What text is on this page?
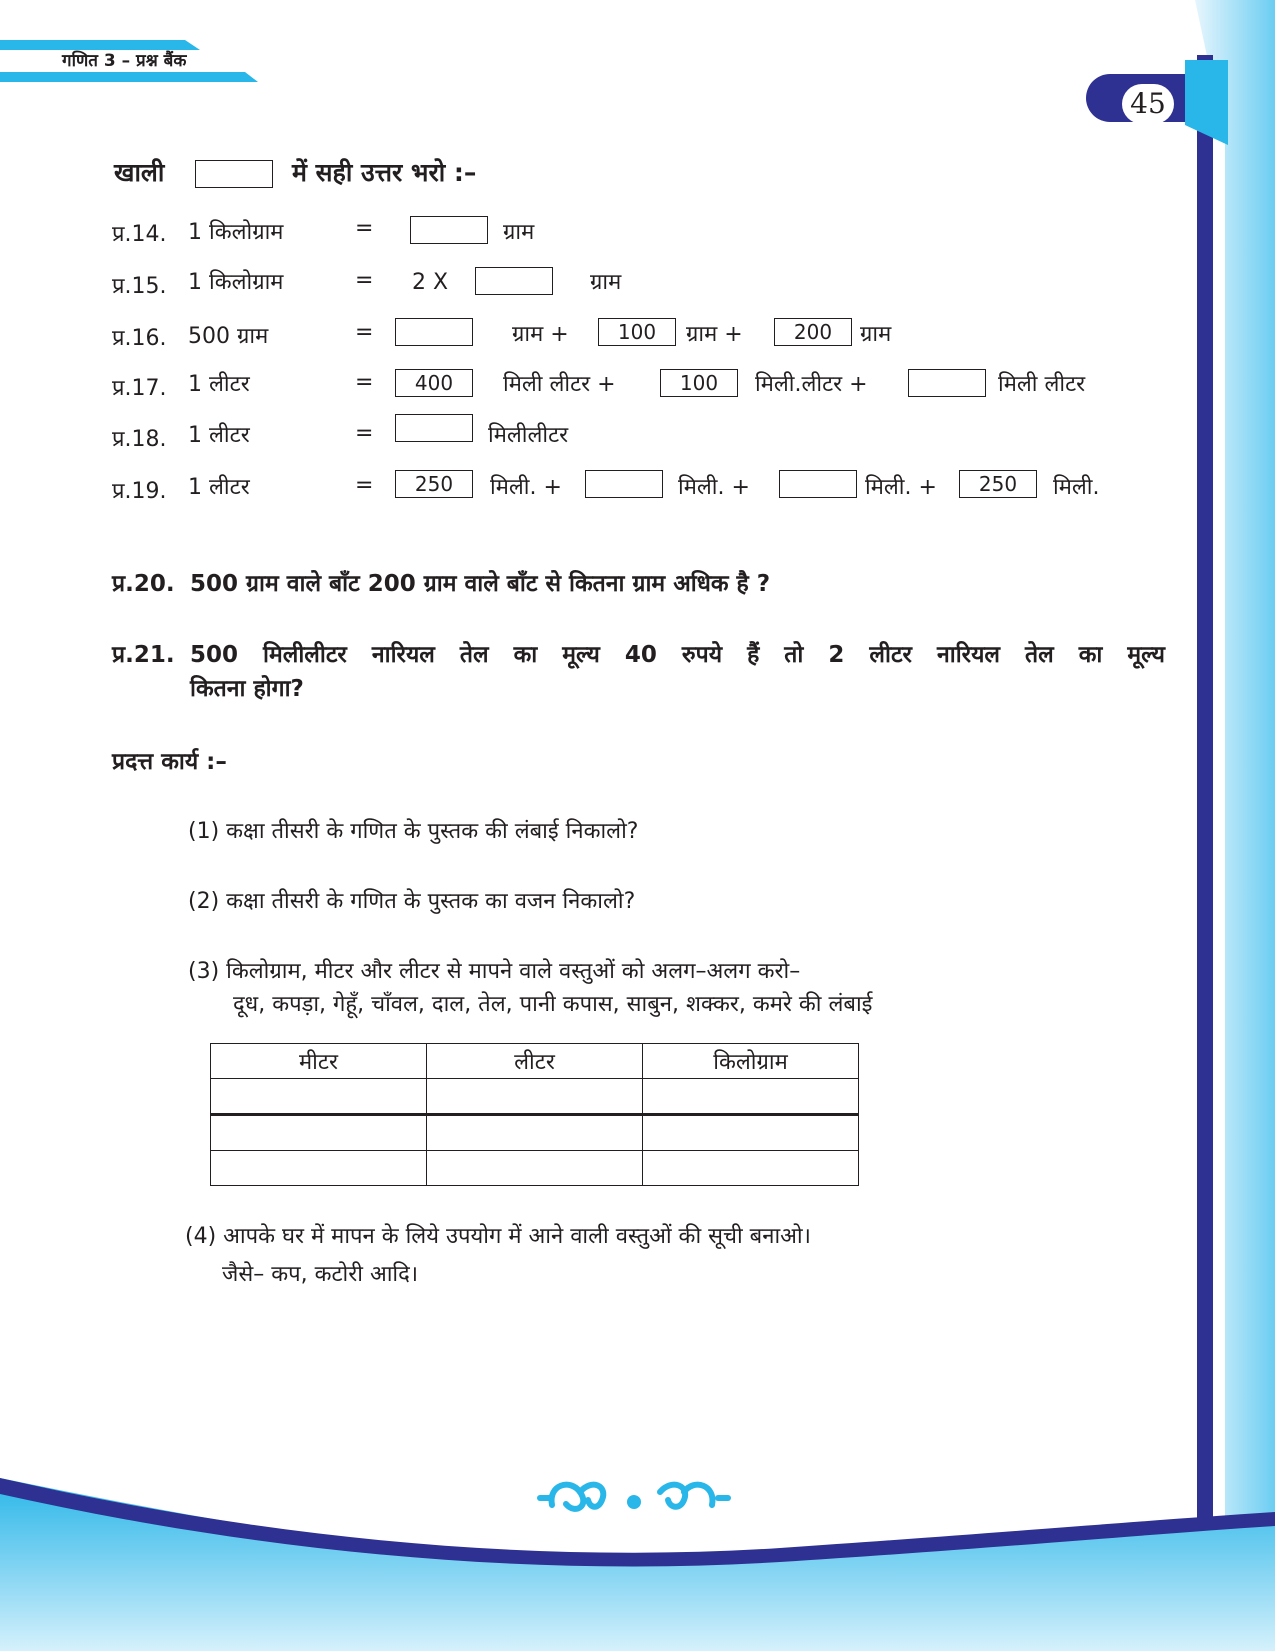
गणित 3 – प्रश्न बैंक
45
खाली	में सही उत्तर भरो :–
प्र.14. 1 किलोग्राम	=	ग्राम
प्र.15. 1 किलोग्राम	= 2 X	ग्राम
प्र.16. 500 ग्राम	=	ग्राम +	100	ग्राम +	200	ग्राम
प्र.17. 1 लीटर	=	400	मिली लीटर +	100	मिली.लीटर +	मिली लीटर
प्र.18. 1 लीटर	=	मिलीलीटर
प्र.19. 1 लीटर	=	250	मिली. +	मिली. +	मिली. +	250	मिली.
प्र.20. 500 ग्राम वाले बाँट 200 ग्राम वाले बाँट से कितना ग्राम अधिक है ?
प्र.21. 500 मिलीलीटर नारियल तेल का मूल्य 40 रुपये हैं तो 2 लीटर नारियल तेल का मूल्य
कितना होगा?
प्रदत्त कार्य :–
(1) कक्षा तीसरी के गणित के पुस्तक की लंबाई निकालो?
(2) कक्षा तीसरी के गणित के पुस्तक का वजन निकालो?
(3) किलोग्राम, मीटर और लीटर से मापने वाले वस्तुओं को अलग–अलग करो–
दूध, कपड़ा, गेहूँ, चाँवल, दाल, तेल, पानी कपास, साबुन, शक्कर, कमरे की लंबाई
मीटर	लीटर	किलोग्राम

(4) आपके घर में मापन के लिये उपयोग में आने वाली वस्तुओं की सूची बनाओ।
जैसे– कप, कटोरी आदि।
